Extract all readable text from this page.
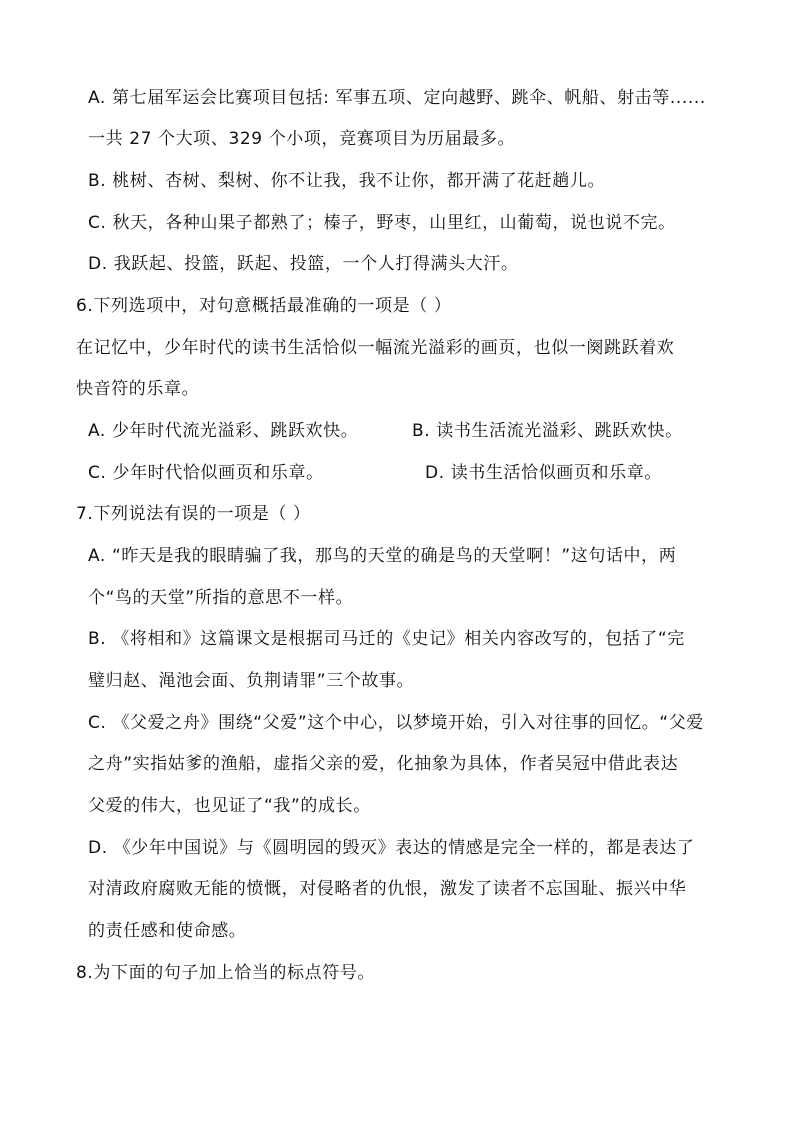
A. 第七届军运会比赛项目包括: 军事五项、定向越野、跳伞、帆船、射击等......
一共 27 个大项、329 个小项，竞赛项目为历届最多。
B. 桃树、杏树、梨树、你不让我，我不让你，都开满了花赶趟儿。
C. 秋天，各种山果子都熟了；榛子，野枣，山里红，山葡萄，说也说不完。
D. 我跃起、投篮，跃起、投篮，一个人打得满头大汗。
6.下列选项中，对句意概括最准确的一项是（ ）
在记忆中，少年时代的读书生活恰似一幅流光溢彩的画页，也似一阕跳跃着欢
快音符的乐章。
A. 少年时代流光溢彩、跳跃欢快。	B. 读书生活流光溢彩、跳跃欢快。
C. 少年时代恰似画页和乐章。	D. 读书生活恰似画页和乐章。
7.下列说法有误的一项是（ ）
A. “昨天是我的眼睛骗了我，那鸟的天堂的确是鸟的天堂啊！”这句话中，两
个“鸟的天堂”所指的意思不一样。
B. 《将相和》这篇课文是根据司马迁的《史记》相关内容改写的，包括了“完
璧归赵、渑池会面、负荆请罪”三个故事。
C. 《父爱之舟》围绕“父爱”这个中心，以梦境开始，引入对往事的回忆。“父爱
之舟”实指姑爹的渔船，虚指父亲的爱，化抽象为具体，作者吴冠中借此表达
父爱的伟大，也见证了“我”的成长。
D. 《少年中国说》与《圆明园的毁灭》表达的情感是完全一样的，都是表达了
对清政府腐败无能的愤慨，对侵略者的仇恨，激发了读者不忘国耻、振兴中华
的责任感和使命感。
8.为下面的句子加上恰当的标点符号。
